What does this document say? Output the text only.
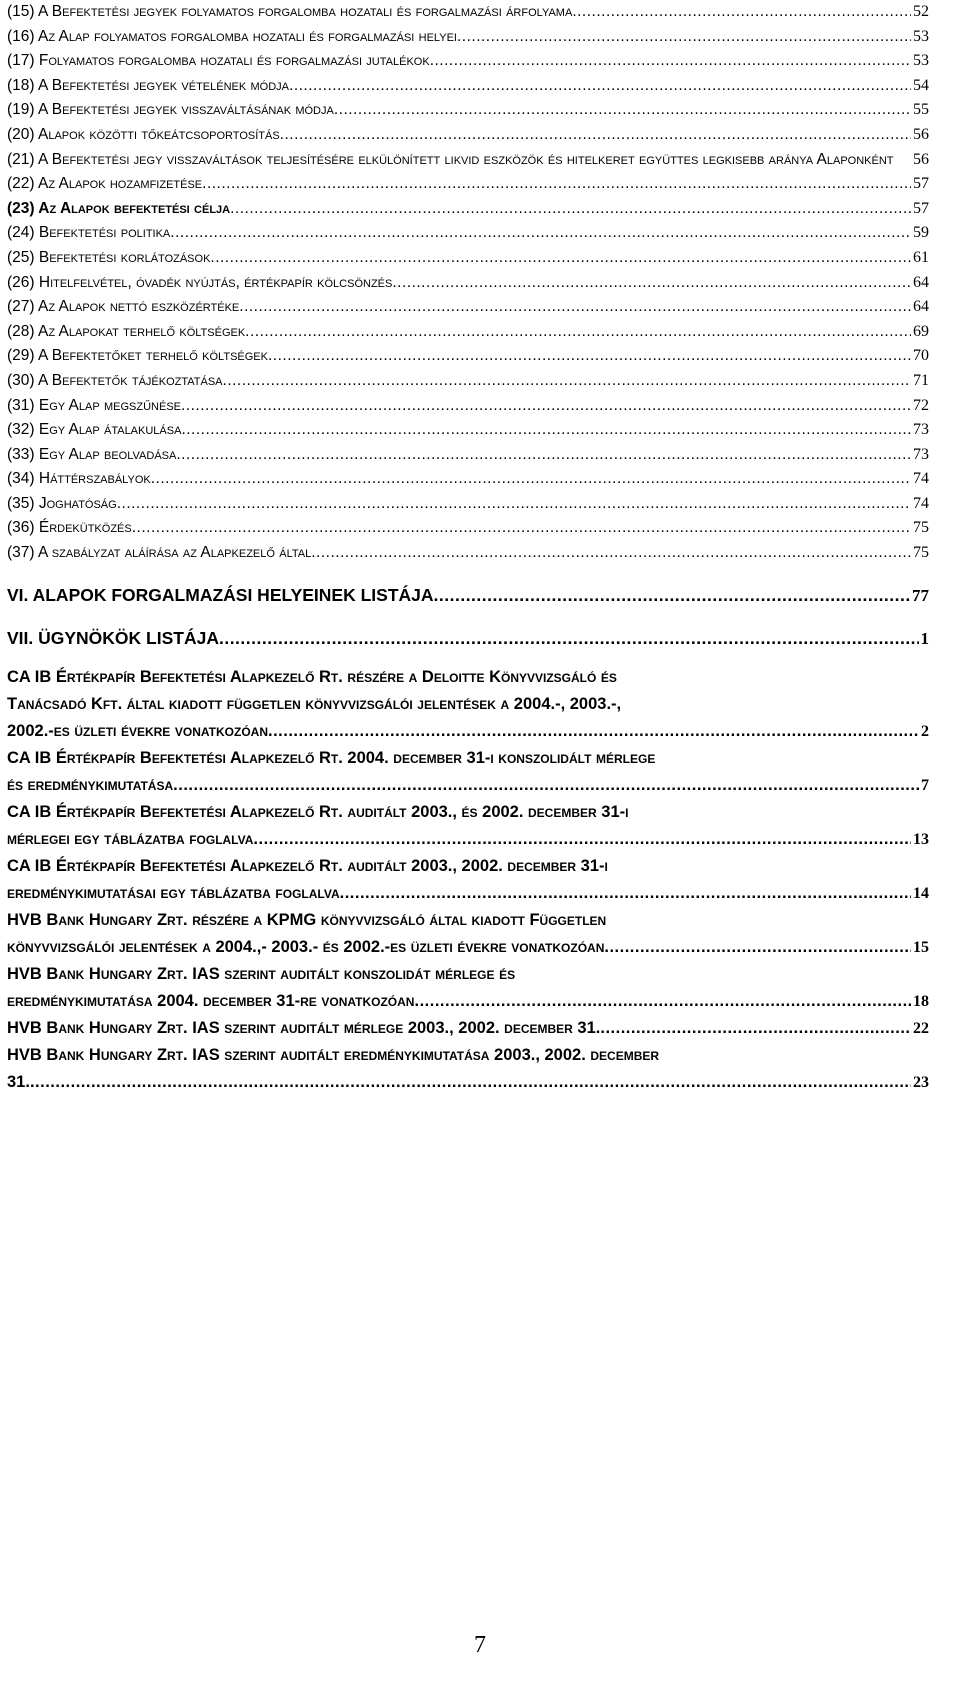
(15) A Befektetési jegyek folyamatos forgalomba hozatali és forgalmazási árfolyama .....	52
(16) Az Alap folyamatos forgalomba hozatali és forgalmazási helyei .....	53
(17) Folyamatos forgalomba hozatali és forgalmazási jutalékok .....	53
(18) A Befektetési jegyek vételének módja .....	54
(19) A Befektetési jegyek visszaváltásának módja .....	55
(20) Alapok közötti tőkeátcsoportosítás .....	56
(21) A Befektetési jegy visszaváltások teljesítésére elkülönített likvid eszközök és hitelkeret együttes legkisebb aránya Alaponként	56
(22) Az Alapok hozamfizetése .....	57
(23) Az Alapok befektetési célja .....	57
(24) Befektetési politika .....	59
(25) Befektetési korlátozások .....	61
(26) Hitelfelvétel, óvadék nyújtás, értékpapír kölcsönzés .....	64
(27) Az Alapok nettó eszközértéke .....	64
(28) Az Alapokat terhelő költségek .....	69
(29) A Befektetőket terhelő költségek .....	70
(30) A Befektetők tájékoztatása .....	71
(31) Egy Alap megszűnése .....	72
(32) Egy Alap átalakulása .....	73
(33) Egy Alap beolvadása .....	73
(34) Háttérszabályok .....	74
(35) Joghatóság .....	74
(36) Érdekütközés .....	75
(37) A szabályzat aláírása az Alapkezelő által .....	75
VI. ALAPOK FORGALMAZÁSI HELYEINEK LISTÁJA .....	77
VII. ÜGYNÖKÖK LISTÁJA .....	1
CA IB Értékpapír Befektetési Alapkezelő Rt. részére a Deloitte Könyvvizsgáló és
Tanácsadó Kft. által kiadott független könyvvizsgálói jelentések a 2004.-, 2003.-,
2002.-es üzleti évekre vonatkozóan .....	2
CA IB Értékpapír Befektetési Alapkezelő Rt. 2004. december 31-i konszolidált mérlege
és eredménykimutatása .....	7
CA IB Értékpapír Befektetési Alapkezelő Rt. auditált 2003., és 2002. december 31-i
mérlegei egy táblázatba foglalva .....	13
CA IB Értékpapír Befektetési Alapkezelő Rt. auditált 2003., 2002. december 31-i
eredménykimutatásai egy táblázatba foglalva .....	14
HVB Bank Hungary Zrt. részére a KPMG könyvvizsgáló által kiadott Független
könyvvizsgálói jelentések a 2004.,- 2003.- és 2002.-es üzleti évekre vonatkozóan .....	15
HVB Bank Hungary Zrt. IAS szerint auditált konszolidát mérlege és
eredménykimutatása 2004. december 31-re vonatkozóan .....	18
HVB Bank Hungary Zrt. IAS szerint auditált mérlege 2003., 2002. december 31. .....	22
HVB Bank Hungary Zrt. IAS szerint auditált eredménykimutatása 2003., 2002. december
31. .....	23
7
